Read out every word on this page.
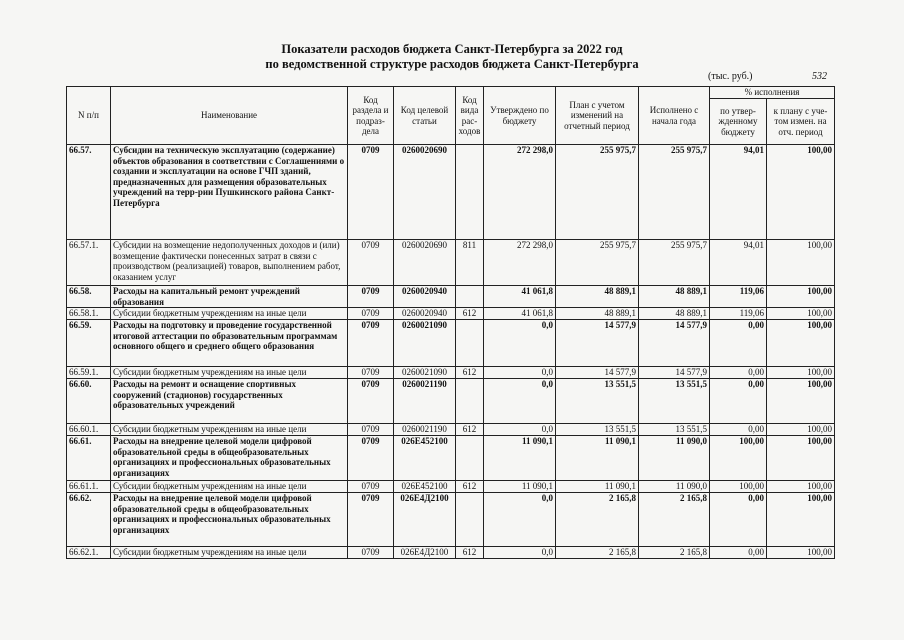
Показатели расходов бюджета Санкт-Петербурга за 2022 год
по ведомственной структуре расходов бюджета Санкт-Петербурга
(тыс. руб.)	532
N п/п	Наименование	Код раздела и подраз-дела	Код целевой статьи	Код вида рас-ходов	Утверждено по бюджету	План с учетом изменений на отчетный период	Исполнено с начала года	% исполнения	
								по утвер-жденному бюджету	к плану с уче-том измен. на отч. период
66.57.	Субсидии на техническую эксплуатацию (содержание) объектов образования в соответствии с Соглашениями о создании и эксплуатации на основе ГЧП зданий, предназначенных для размещения образовательных учреждений на терр-рии Пушкинского района Санкт-Петербурга	0709	0260020690		272 298,0	255 975,7	255 975,7	94,01	100,00
66.57.1.	Субсидии на возмещение недополученных доходов и (или) возмещение фактически понесенных затрат в связи с производством (реализацией) товаров, выполнением работ, оказанием услуг	0709	0260020690	811	272 298,0	255 975,7	255 975,7	94,01	100,00
66.58.	Расходы на капитальный ремонт учреждений образования	0709	0260020940		41 061,8	48 889,1	48 889,1	119,06	100,00
66.58.1.	Субсидии бюджетным учреждениям на иные цели	0709	0260020940	612	41 061,8	48 889,1	48 889,1	119,06	100,00
66.59.	Расходы на подготовку и проведение государственной итоговой аттестации по образовательным программам основного общего и среднего общего образования	0709	0260021090		0,0	14 577,9	14 577,9	0,00	100,00
66.59.1.	Субсидии бюджетным учреждениям на иные цели	0709	0260021090	612	0,0	14 577,9	14 577,9	0,00	100,00
66.60.	Расходы на ремонт и оснащение спортивных сооружений (стадионов) государственных образовательных учреждений	0709	0260021190		0,0	13 551,5	13 551,5	0,00	100,00
66.60.1.	Субсидии бюджетным учреждениям на иные цели	0709	0260021190	612	0,0	13 551,5	13 551,5	0,00	100,00
66.61.	Расходы на внедрение целевой модели цифровой образовательной среды в общеобразовательных организациях и профессиональных образовательных организациях	0709	026Е452100		11 090,1	11 090,1	11 090,0	100,00	100,00
66.61.1.	Субсидии бюджетным учреждениям на иные цели	0709	026Е452100	612	11 090,1	11 090,1	11 090,0	100,00	100,00
66.62.	Расходы на внедрение целевой модели цифровой образовательной среды в общеобразовательных организациях и профессиональных образовательных организациях	0709	026Е4Д2100		0,0	2 165,8	2 165,8	0,00	100,00
66.62.1.	Субсидии бюджетным учреждениям на иные цели	0709	026Е4Д2100	612	0,0	2 165,8	2 165,8	0,00	100,00
